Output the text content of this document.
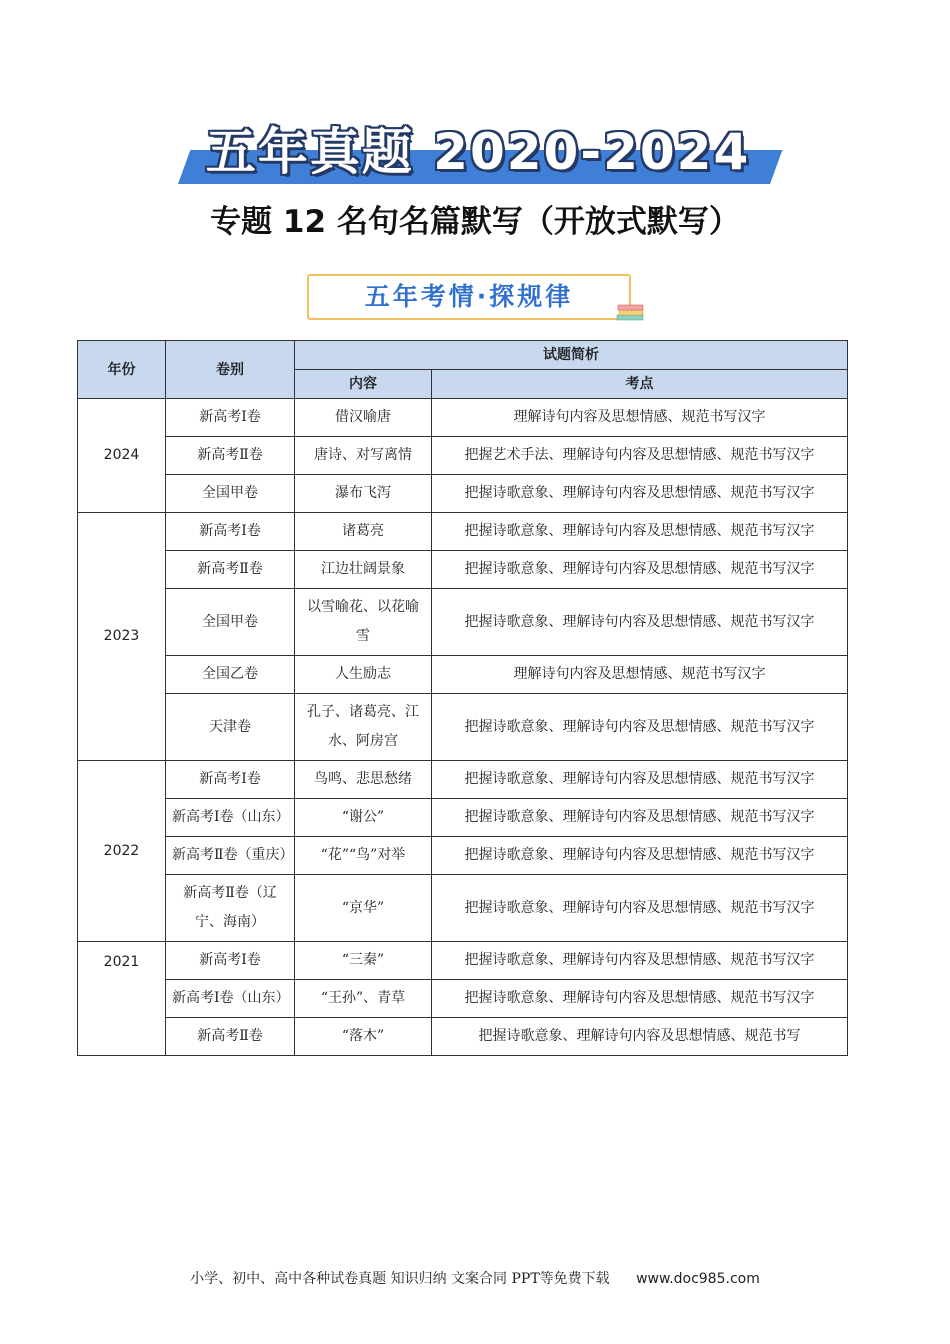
五年真题 2020-2024
专题 12 名句名篇默写（开放式默写）
五年考情·探规律
年份	卷别	试题简析	
		内容	考点
2024	新高考Ⅰ卷	借汉喻唐	理解诗句内容及思想情感、规范书写汉字
	新高考Ⅱ卷	唐诗、对写离情	把握艺术手法、理解诗句内容及思想情感、规范书写汉字
	全国甲卷	瀑布飞泻	把握诗歌意象、理解诗句内容及思想情感、规范书写汉字
2023	新高考Ⅰ卷	诸葛亮	把握诗歌意象、理解诗句内容及思想情感、规范书写汉字
	新高考Ⅱ卷	江边壮阔景象	把握诗歌意象、理解诗句内容及思想情感、规范书写汉字
	全国甲卷	以雪喻花、以花喻雪	把握诗歌意象、理解诗句内容及思想情感、规范书写汉字
	全国乙卷	人生励志	理解诗句内容及思想情感、规范书写汉字
	天津卷	孔子、诸葛亮、江水、阿房宫	把握诗歌意象、理解诗句内容及思想情感、规范书写汉字
2022	新高考Ⅰ卷	鸟鸣、悲思愁绪	把握诗歌意象、理解诗句内容及思想情感、规范书写汉字
	新高考Ⅰ卷（山东）	“谢公”	把握诗歌意象、理解诗句内容及思想情感、规范书写汉字
	新高考Ⅱ卷（重庆）	“花”“鸟”对举	把握诗歌意象、理解诗句内容及思想情感、规范书写汉字
	新高考Ⅱ卷（辽宁、海南）	“京华”	把握诗歌意象、理解诗句内容及思想情感、规范书写汉字
2021	新高考Ⅰ卷	“三秦”	把握诗歌意象、理解诗句内容及思想情感、规范书写汉字
	新高考Ⅰ卷（山东）	“王孙”、青草	把握诗歌意象、理解诗句内容及思想情感、规范书写汉字
	新高考Ⅱ卷	“落木”	把握诗歌意象、理解诗句内容及思想情感、规范书写
小学、初中、高中各种试卷真题 知识归纳 文案合同 PPT等免费下载 www.doc985.com
